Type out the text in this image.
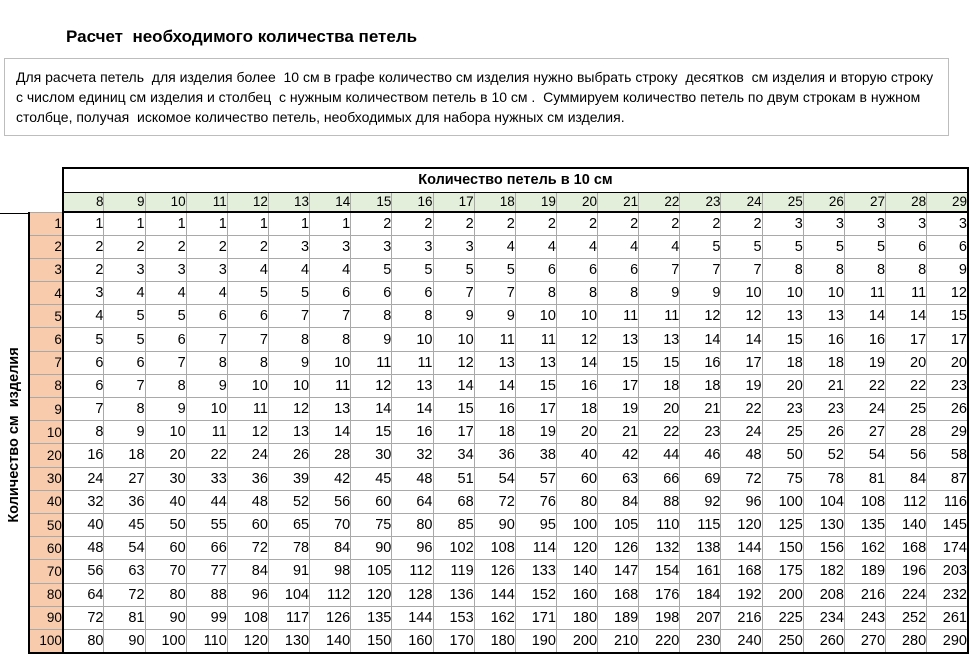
Расчет  необходимого количества петель
Для расчета петель  для изделия более  10 см в графе количество см изделия нужно выбрать строку  десятков  см изделия и вторую строку с числом единиц см изделия и столбец  с нужным количеством петель в 10 см .  Суммируем количество петель по двум строкам в нужном столбце, получая  искомое количество петель, необходимых для набора нужных см изделия.
Количество см  изделия
	Количество петель в 10 см																					
	8	9	10	11	12	13	14	15	16	17	18	19	20	21	22	23	24	25	26	27	28	29
1	1	1	1	1	1	1	1	2	2	2	2	2	2	2	2	2	2	3	3	3	3	3
2	2	2	2	2	2	3	3	3	3	3	4	4	4	4	4	5	5	5	5	5	6	6
3	2	3	3	3	4	4	4	5	5	5	5	6	6	6	7	7	7	8	8	8	8	9
4	3	4	4	4	5	5	6	6	6	7	7	8	8	8	9	9	10	10	10	11	11	12
5	4	5	5	6	6	7	7	8	8	9	9	10	10	11	11	12	12	13	13	14	14	15
6	5	5	6	7	7	8	8	9	10	10	11	11	12	13	13	14	14	15	16	16	17	17
7	6	6	7	8	8	9	10	11	11	12	13	13	14	15	15	16	17	18	18	19	20	20
8	6	7	8	9	10	10	11	12	13	14	14	15	16	17	18	18	19	20	21	22	22	23
9	7	8	9	10	11	12	13	14	14	15	16	17	18	19	20	21	22	23	23	24	25	26
10	8	9	10	11	12	13	14	15	16	17	18	19	20	21	22	23	24	25	26	27	28	29
20	16	18	20	22	24	26	28	30	32	34	36	38	40	42	44	46	48	50	52	54	56	58
30	24	27	30	33	36	39	42	45	48	51	54	57	60	63	66	69	72	75	78	81	84	87
40	32	36	40	44	48	52	56	60	64	68	72	76	80	84	88	92	96	100	104	108	112	116
50	40	45	50	55	60	65	70	75	80	85	90	95	100	105	110	115	120	125	130	135	140	145
60	48	54	60	66	72	78	84	90	96	102	108	114	120	126	132	138	144	150	156	162	168	174
70	56	63	70	77	84	91	98	105	112	119	126	133	140	147	154	161	168	175	182	189	196	203
80	64	72	80	88	96	104	112	120	128	136	144	152	160	168	176	184	192	200	208	216	224	232
90	72	81	90	99	108	117	126	135	144	153	162	171	180	189	198	207	216	225	234	243	252	261
100	80	90	100	110	120	130	140	150	160	170	180	190	200	210	220	230	240	250	260	270	280	290
